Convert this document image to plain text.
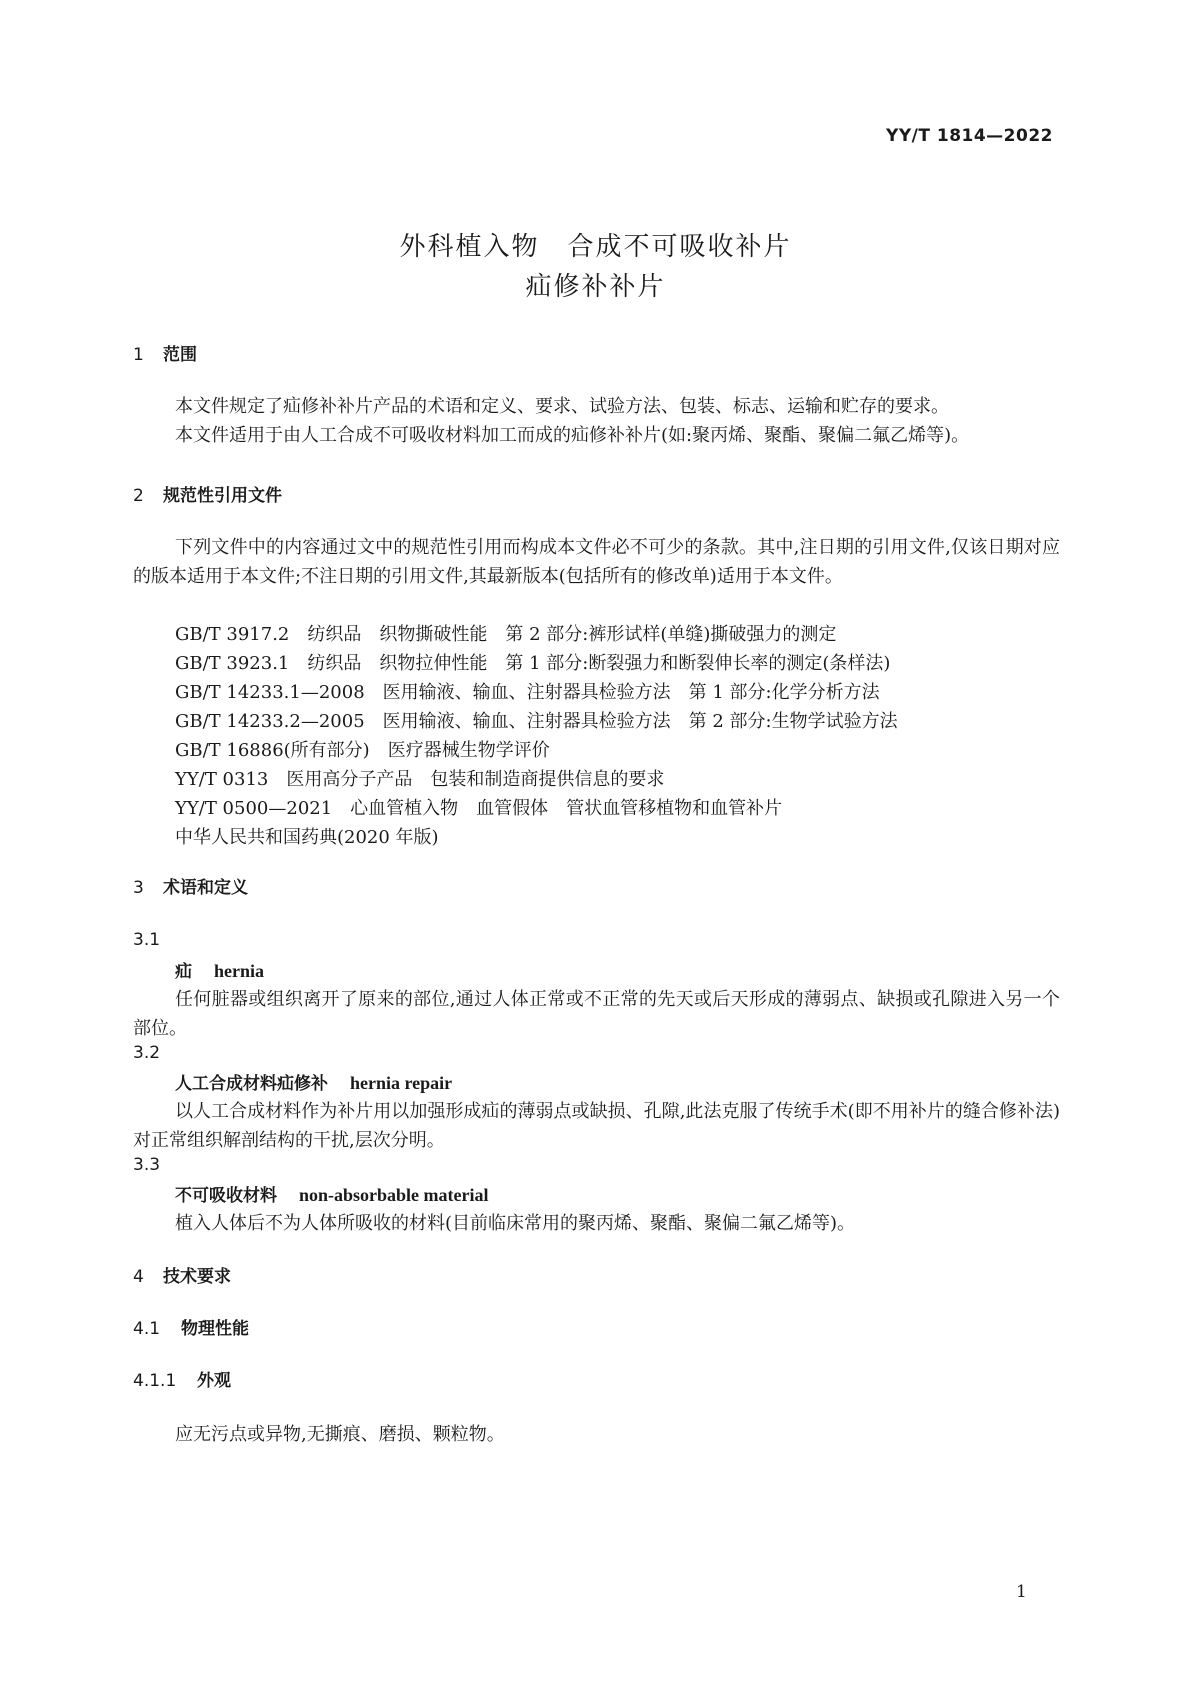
YY/T 1814—2022
外科植入物　合成不可吸收补片
疝修补补片
1 范围
本文件规定了疝修补补片产品的术语和定义、要求、试验方法、包装、标志、运输和贮存的要求。
本文件适用于由人工合成不可吸收材料加工而成的疝修补补片(如:聚丙烯、聚酯、聚偏二氟乙烯等)。
2 规范性引用文件
下列文件中的内容通过文中的规范性引用而构成本文件必不可少的条款。其中,注日期的引用文件,仅该日期对应的版本适用于本文件;不注日期的引用文件,其最新版本(包括所有的修改单)适用于本文件。
GB/T 3917.2　纺织品　织物撕破性能　第 2 部分:裤形试样(单缝)撕破强力的测定
GB/T 3923.1　纺织品　织物拉伸性能　第 1 部分:断裂强力和断裂伸长率的测定(条样法)
GB/T 14233.1—2008　医用输液、输血、注射器具检验方法　第 1 部分:化学分析方法
GB/T 14233.2—2005　医用输液、输血、注射器具检验方法　第 2 部分:生物学试验方法
GB/T 16886(所有部分)　医疗器械生物学评价
YY/T 0313　医用高分子产品　包装和制造商提供信息的要求
YY/T 0500—2021　心血管植入物　血管假体　管状血管移植物和血管补片
中华人民共和国药典(2020 年版)
3 术语和定义
3.1
疝 hernia
任何脏器或组织离开了原来的部位,通过人体正常或不正常的先天或后天形成的薄弱点、缺损或孔隙进入另一个部位。
3.2
人工合成材料疝修补 hernia repair
以人工合成材料作为补片用以加强形成疝的薄弱点或缺损、孔隙,此法克服了传统手术(即不用补片的缝合修补法)对正常组织解剖结构的干扰,层次分明。
3.3
不可吸收材料 non-absorbable material
植入人体后不为人体所吸收的材料(目前临床常用的聚丙烯、聚酯、聚偏二氟乙烯等)。
4 技术要求
4.1 物理性能
4.1.1 外观
应无污点或异物,无撕痕、磨损、颗粒物。
1
